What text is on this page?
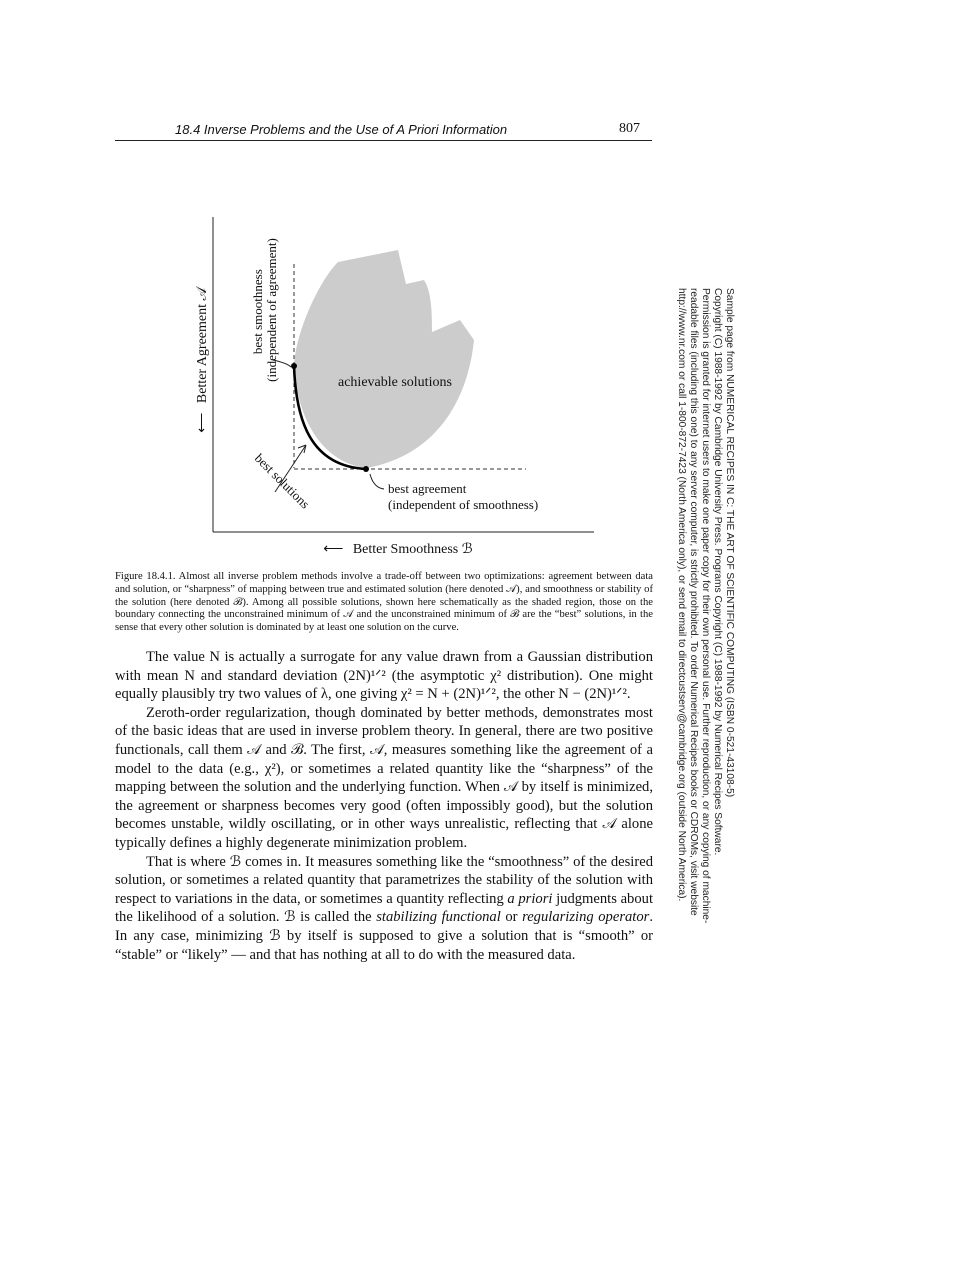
18.4 Inverse Problems and the Use of A Priori Information	807
achievable solutions
⟵ Better Agreement 𝒜
⟵ Better Smoothness ℬ
best smoothness (independent of agreement)
best agreement (independent of smoothness)
best solutions
Figure 18.4.1. Almost all inverse problem methods involve a trade-off between two optimizations: agreement between data and solution, or “sharpness” of mapping between true and estimated solution (here denoted 𝒜), and smoothness or stability of the solution (here denoted ℬ). Among all possible solutions, shown here schematically as the shaded region, those on the boundary connecting the unconstrained minimum of 𝒜 and the unconstrained minimum of ℬ are the “best” solutions, in the sense that every other solution is dominated by at least one solution on the curve.

The value N is actually a surrogate for any value drawn from a Gaussian distribution with mean N and standard deviation (2N)¹ᐟ² (the asymptotic χ² distribution). One might equally plausibly try two values of λ, one giving χ² = N + (2N)¹ᐟ², the other N − (2N)¹ᐟ².

Zeroth-order regularization, though dominated by better methods, demonstrates most of the basic ideas that are used in inverse problem theory. In general, there are two positive functionals, call them 𝒜 and ℬ. The first, 𝒜, measures something like the agreement of a model to the data (e.g., χ²), or sometimes a related quantity like the “sharpness” of the mapping between the solution and the underlying function. When 𝒜 by itself is minimized, the agreement or sharpness becomes very good (often impossibly good), but the solution becomes unstable, wildly oscillating, or in other ways unrealistic, reflecting that 𝒜 alone typically defines a highly degenerate minimization problem.

That is where ℬ comes in. It measures something like the “smoothness” of the desired solution, or sometimes a related quantity that parametrizes the stability of the solution with respect to variations in the data, or sometimes a quantity reflecting a priori judgments about the likelihood of a solution. ℬ is called the stabilizing functional or regularizing operator. In any case, minimizing ℬ by itself is supposed to give a solution that is “smooth” or “stable” or “likely” — and that has nothing at all to do with the measured data.

Sample page from NUMERICAL RECIPES IN C: THE ART OF SCIENTIFIC COMPUTING (ISBN 0-521-43108-5)
Copyright (C) 1988-1992 by Cambridge University Press. Programs Copyright (C) 1988-1992 by Numerical Recipes Software.
Permission is granted for internet users to make one paper copy for their own personal use. Further reproduction, or any copying of machine-
readable files (including this one) to any server computer, is strictly prohibited. To order Numerical Recipes books or CDROMs, visit website
http://www.nr.com or call 1-800-872-7423 (North America only), or send email to directcustserv@cambridge.org (outside North America).
